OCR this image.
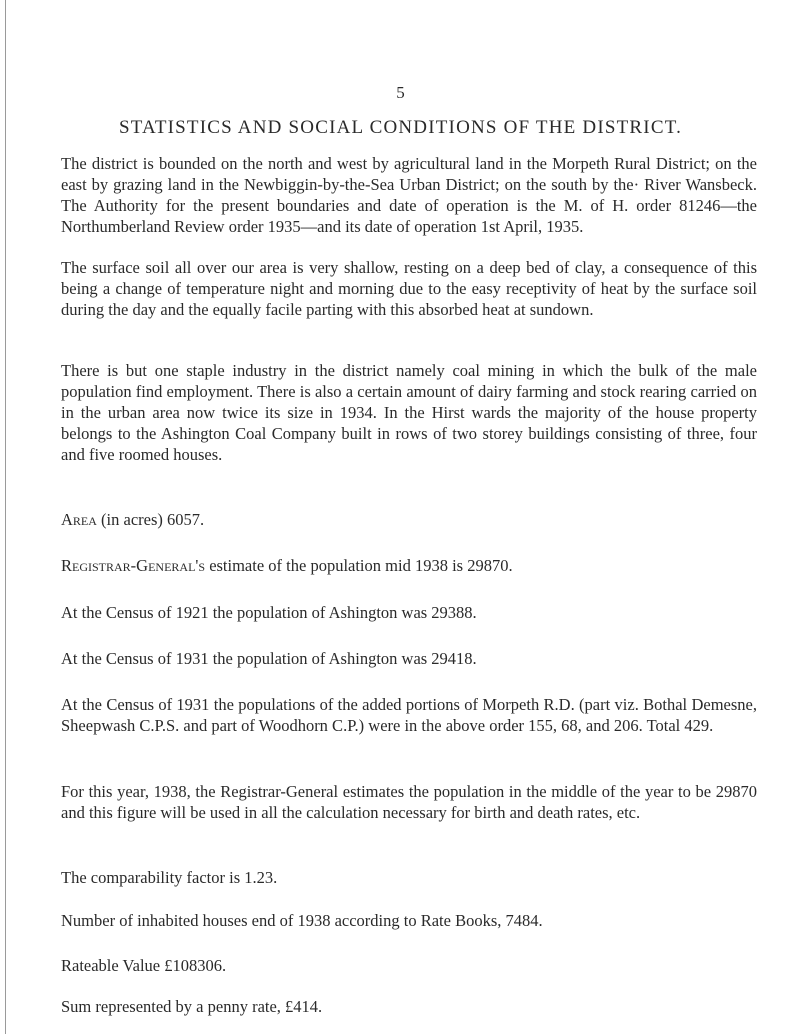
5
STATISTICS AND SOCIAL CONDITIONS OF THE DISTRICT.

The district is bounded on the north and west by agricultural land in the Morpeth Rural District; on the east by grazing land in the Newbiggin-by-the-Sea Urban District; on the south by the· River Wansbeck. The Authority for the present boundaries and date of operation is the M. of H. order 81246—the Northumberland Review order 1935—and its date of operation 1st April, 1935.

The surface soil all over our area is very shallow, resting on a deep bed of clay, a consequence of this being a change of temperature night and morning due to the easy receptivity of heat by the surface soil during the day and the equally facile parting with this absorbed heat at sundown.

There is but one staple industry in the district namely coal mining in which the bulk of the male population find employment. There is also a certain amount of dairy farming and stock rearing carried on in the urban area now twice its size in 1934. In the Hirst wards the majority of the house property belongs to the Ashington Coal Company built in rows of two storey buildings consisting of three, four and five roomed houses.

Area (in acres) 6057.

Registrar-General's estimate of the population mid 1938 is 29870.

At the Census of 1921 the population of Ashington was 29388.

At the Census of 1931 the population of Ashington was 29418.

At the Census of 1931 the populations of the added portions of Morpeth R.D. (part viz. Bothal Demesne, Sheepwash C.P.S. and part of Woodhorn C.P.) were in the above order 155, 68, and 206. Total 429.

For this year, 1938, the Registrar-General estimates the population in the middle of the year to be 29870 and this figure will be used in all the calculation necessary for birth and death rates, etc.

The comparability factor is 1.23.

Number of inhabited houses end of 1938 according to Rate Books, 7484.

Rateable Value £108306.

Sum represented by a penny rate, £414.
